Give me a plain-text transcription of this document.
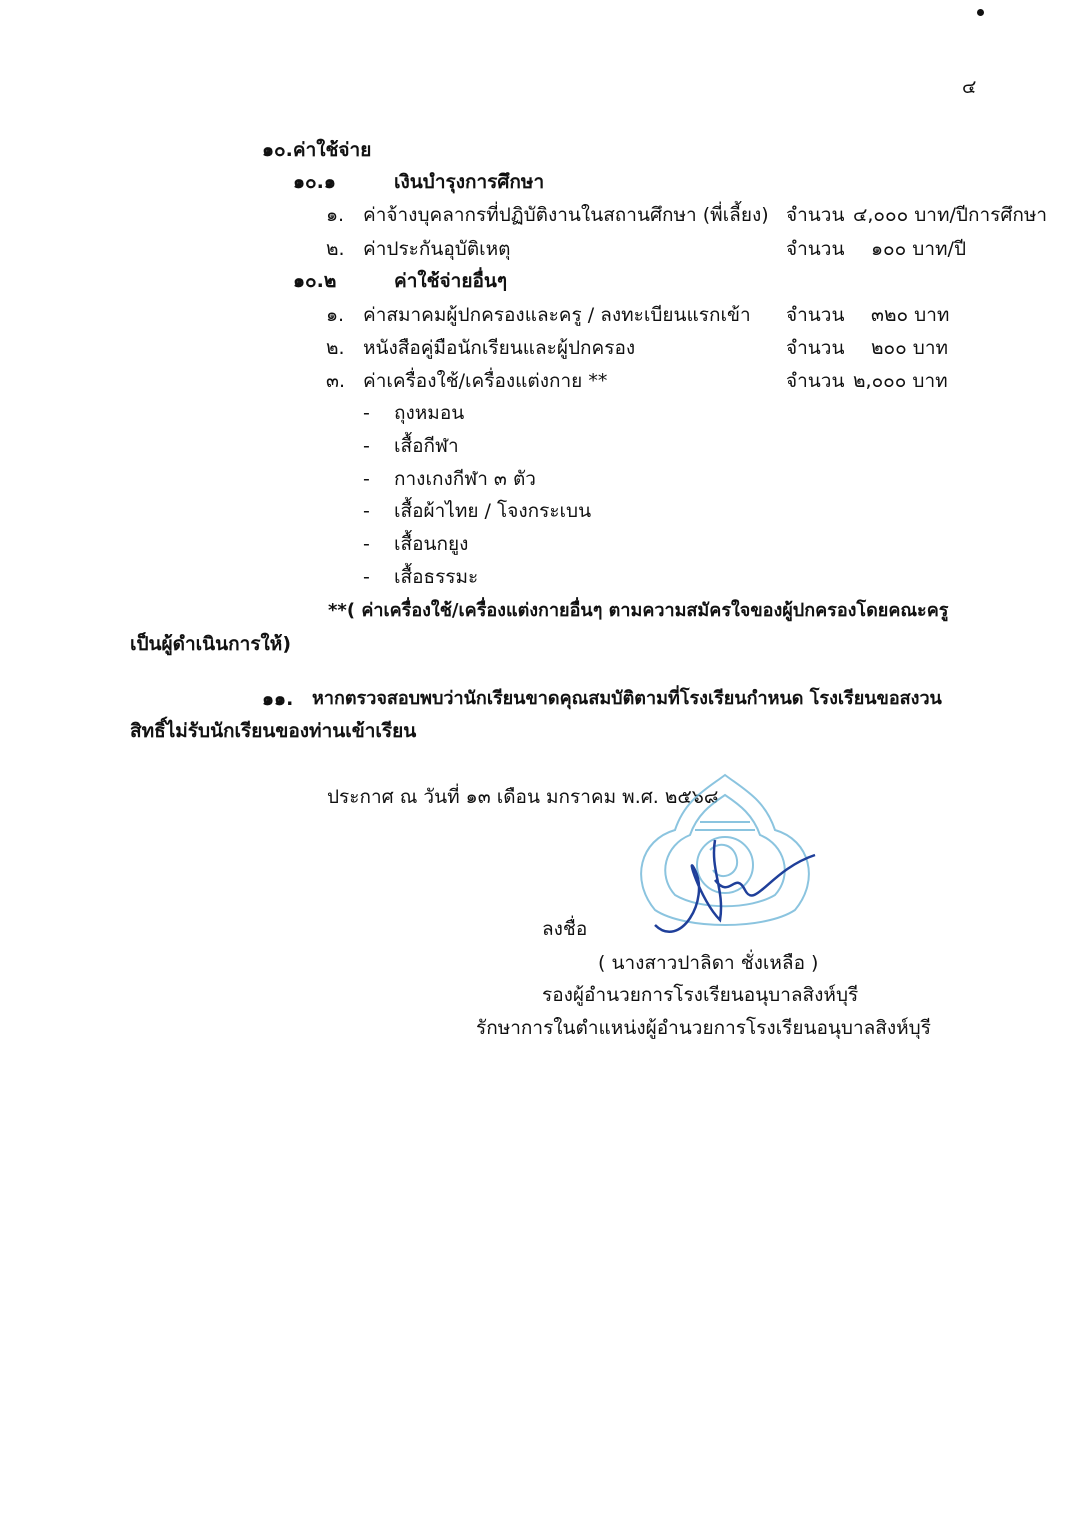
๔
๑๐.ค่าใช้จ่าย
๑๐.๑	เงินบำรุงการศึกษา
๑. ค่าจ้างบุคลากรที่ปฏิบัติงานในสถานศึกษา (พี่เลี้ยง) จำนวน ๔,๐๐๐ บาท/ปีการศึกษา
๒. ค่าประกันอุบัติเหตุ	จำนวน ๑๐๐ บาท/ปี
๑๐.๒	ค่าใช้จ่ายอื่นๆ
๑. ค่าสมาคมผู้ปกครองและครู / ลงทะเบียนแรกเข้า จำนวน ๓๒๐ บาท
๒. หนังสือคู่มือนักเรียนและผู้ปกครอง	จำนวน ๒๐๐ บาท
๓. ค่าเครื่องใช้/เครื่องแต่งกาย **	จำนวน ๒,๐๐๐ บาท
- ถุงหมอน
- เสื้อกีฬา
- กางเกงกีฬา ๓ ตัว
- เสื้อผ้าไทย / โจงกระเบน
- เสื้อนกยูง
- เสื้อธรรมะ
**( ค่าเครื่องใช้/เครื่องแต่งกายอื่นๆ ตามความสมัครใจของผู้ปกครองโดยคณะครู
เป็นผู้ดำเนินการให้)
๑๑. หากตรวจสอบพบว่านักเรียนขาดคุณสมบัติตามที่โรงเรียนกำหนด โรงเรียนขอสงวน
สิทธิ์ไม่รับนักเรียนของท่านเข้าเรียน
ประกาศ ณ วันที่ ๑๓ เดือน มกราคม พ.ศ. ๒๕๖๘
ลงชื่อ
( นางสาวปาลิดา ชั่งเหลือ )
รองผู้อำนวยการโรงเรียนอนุบาลสิงห์บุรี
รักษาการในตำแหน่งผู้อำนวยการโรงเรียนอนุบาลสิงห์บุรี
